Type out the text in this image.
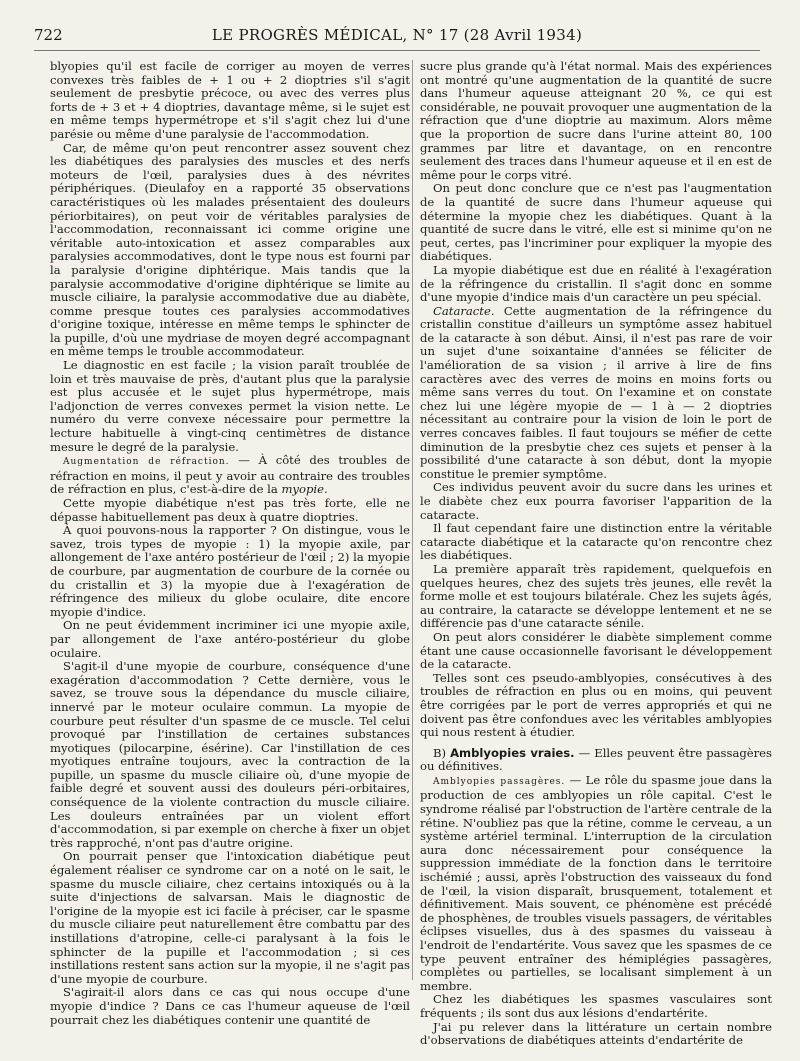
722	LE PROGRÈS MÉDICAL, N° 17 (28 Avril 1934)

blyopies qu'il est facile de corriger au moyen de verres convexes très faibles de + 1 ou + 2 dioptries s'il s'agit seulement de presbytie précoce, ou avec des verres plus forts de + 3 et + 4 dioptries, davantage même, si le sujet est en même temps hypermétrope et s'il s'agit chez lui d'une parésie ou même d'une paralysie de l'accommodation.

Car, de même qu'on peut rencontrer assez souvent chez les diabétiques des paralysies des muscles et des nerfs moteurs de l'œil, paralysies dues à des névrites périphériques. (Dieulafoy en a rapporté 35 observations caractéristiques où les malades présentaient des douleurs périorbitaires), on peut voir de véritables paralysies de l'accommodation, reconnaissant ici comme origine une véritable auto-intoxication et assez comparables aux paralysies accommodatives, dont le type nous est fourni par la paralysie d'origine diphtérique. Mais tandis que la paralysie accommodative d'origine diphtérique se limite au muscle ciliaire, la paralysie accommodative due au diabète, comme presque toutes ces paralysies accommodatives d'origine toxique, intéresse en même temps le sphincter de la pupille, d'où une mydriase de moyen degré accompagnant en même temps le trouble accommodateur.

Le diagnostic en est facile ; la vision paraît troublée de loin et très mauvaise de près, d'autant plus que la paralysie est plus accusée et le sujet plus hypermétrope, mais l'adjonction de verres convexes permet la vision nette. Le numéro du verre convexe nécessaire pour permettre la lecture habituelle à vingt-cinq centimètres de distance mesure le degré de la paralysie.

Augmentation de réfraction. — À côté des troubles de réfraction en moins, il peut y avoir au contraire des troubles de réfraction en plus, c'est-à-dire de la myopie.

Cette myopie diabétique n'est pas très forte, elle ne dépasse habituellement pas deux à quatre dioptries.

À quoi pouvons-nous la rapporter ? On distingue, vous le savez, trois types de myopie : 1) la myopie axile, par allongement de l'axe antéro postérieur de l'œil ; 2) la myopie de courbure, par augmentation de courbure de la cornée ou du cristallin et 3) la myopie due à l'exagération de réfringence des milieux du globe oculaire, dite encore myopie d'indice.

On ne peut évidemment incriminer ici une myopie axile, par allongement de l'axe antéro-postérieur du globe oculaire.

S'agit-il d'une myopie de courbure, conséquence d'une exagération d'accommodation ? Cette dernière, vous le savez, se trouve sous la dépendance du muscle ciliaire, innervé par le moteur oculaire commun. La myopie de courbure peut résulter d'un spasme de ce muscle. Tel celui provoqué par l'instillation de certaines substances myotiques (pilocarpine, ésérine). Car l'instillation de ces myotiques entraîne toujours, avec la contraction de la pupille, un spasme du muscle ciliaire où, d'une myopie de faible degré et souvent aussi des douleurs péri-orbitaires, conséquence de la violente contraction du muscle ciliaire. Les douleurs entraînées par un violent effort d'accommodation, si par exemple on cherche à fixer un objet très rapproché, n'ont pas d'autre origine.

On pourrait penser que l'intoxication diabétique peut également réaliser ce syndrome car on a noté on le sait, le spasme du muscle ciliaire, chez certains intoxiqués ou à la suite d'injections de salvarsan. Mais le diagnostic de l'origine de la myopie est ici facile à préciser, car le spasme du muscle ciliaire peut naturellement être combattu par des instillations d'atropine, celle-ci paralysant à la fois le sphincter de la pupille et l'accommodation ; si ces instillations restent sans action sur la myopie, il ne s'agit pas d'une myopie de courbure.

S'agirait-il alors dans ce cas qui nous occupe d'une myopie d'indice ? Dans ce cas l'humeur aqueuse de l'œil pourrait chez les diabétiques contenir une quantité de

sucre plus grande qu'à l'état normal. Mais des expériences ont montré qu'une augmentation de la quantité de sucre dans l'humeur aqueuse atteignant 20 %, ce qui est considérable, ne pouvait provoquer une augmentation de la réfraction que d'une dioptrie au maximum. Alors même que la proportion de sucre dans l'urine atteint 80, 100 grammes par litre et davantage, on en rencontre seulement des traces dans l'humeur aqueuse et il en est de même pour le corps vitré.

On peut donc conclure que ce n'est pas l'augmentation de la quantité de sucre dans l'humeur aqueuse qui détermine la myopie chez les diabétiques. Quant à la quantité de sucre dans le vitré, elle est si minime qu'on ne peut, certes, pas l'incriminer pour expliquer la myopie des diabétiques.

La myopie diabétique est due en réalité à l'exagération de la réfringence du cristallin. Il s'agit donc en somme d'une myopie d'indice mais d'un caractère un peu spécial.

Cataracte. Cette augmentation de la réfringence du cristallin constitue d'ailleurs un symptôme assez habituel de la cataracte à son début. Ainsi, il n'est pas rare de voir un sujet d'une soixantaine d'années se féliciter de l'amélioration de sa vision ; il arrive à lire de fins caractères avec des verres de moins en moins forts ou même sans verres du tout. On l'examine et on constate chez lui une légère myopie de — 1 à — 2 dioptries nécessitant au contraire pour la vision de loin le port de verres concaves faibles. Il faut toujours se méfier de cette diminution de la presbytie chez ces sujets et penser à la possibilité d'une cataracte à son début, dont la myopie constitue le premier symptôme.

Ces individus peuvent avoir du sucre dans les urines et le diabète chez eux pourra favoriser l'apparition de la cataracte.

Il faut cependant faire une distinction entre la véritable cataracte diabétique et la cataracte qu'on rencontre chez les diabétiques.

La première apparaît très rapidement, quelquefois en quelques heures, chez des sujets très jeunes, elle revêt la forme molle et est toujours bilatérale. Chez les sujets âgés, au contraire, la cataracte se développe lentement et ne se différencie pas d'une cataracte sénile.

On peut alors considérer le diabète simplement comme étant une cause occasionnelle favorisant le développement de la cataracte.

Telles sont ces pseudo-amblyopies, consécutives à des troubles de réfraction en plus ou en moins, qui peuvent être corrigées par le port de verres appropriés et qui ne doivent pas être confondues avec les véritables amblyopies qui nous restent à étudier.

B) Amblyopies vraies. — Elles peuvent être passagères ou définitives.

Amblyopies passagères. — Le rôle du spasme joue dans la production de ces amblyopies un rôle capital. C'est le syndrome réalisé par l'obstruction de l'artère centrale de la rétine. N'oubliez pas que la rétine, comme le cerveau, a un système artériel terminal. L'interruption de la circulation aura donc nécessairement pour conséquence la suppression immédiate de la fonction dans le territoire ischémié ; aussi, après l'obstruction des vaisseaux du fond de l'œil, la vision disparaît, brusquement, totalement et définitivement. Mais souvent, ce phénomène est précédé de phosphènes, de troubles visuels passagers, de véritables éclipses visuelles, dus à des spasmes du vaisseau à l'endroit de l'endartérite. Vous savez que les spasmes de ce type peuvent entraîner des hémiplégies passagères, complètes ou partielles, se localisant simplement à un membre.

Chez les diabétiques les spasmes vasculaires sont fréquents ; ils sont dus aux lésions d'endartérite.

J'ai pu relever dans la littérature un certain nombre d'observations de diabétiques atteints d'endartérite de
